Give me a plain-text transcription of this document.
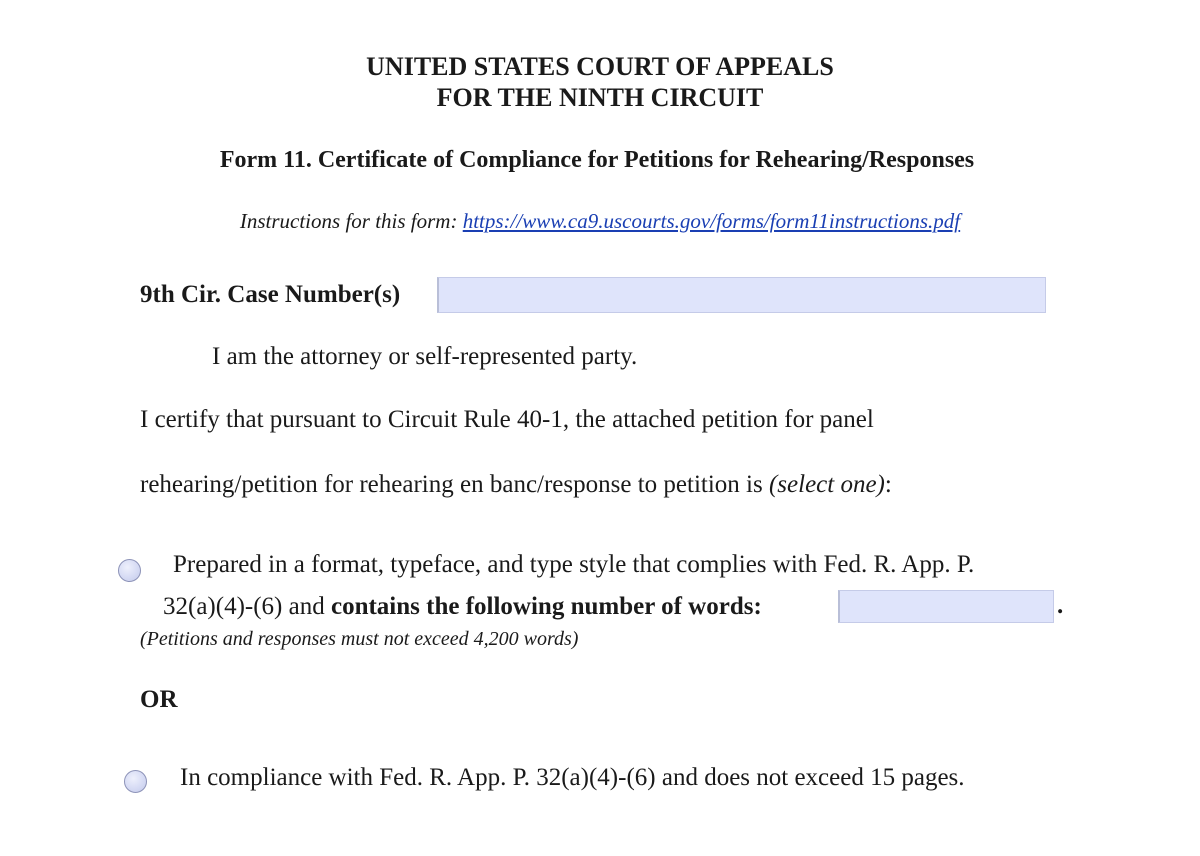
UNITED STATES COURT OF APPEALS
FOR THE NINTH CIRCUIT
Form 11. Certificate of Compliance for Petitions for Rehearing/Responses
Instructions for this form: https://www.ca9.uscourts.gov/forms/form11instructions.pdf
9th Cir. Case Number(s)
I am the attorney or self-represented party.
I certify that pursuant to Circuit Rule 40-1, the attached petition for panel
rehearing/petition for rehearing en banc/response to petition is (select one):
Prepared in a format, typeface, and type style that complies with Fed. R. App. P.
32(a)(4)-(6) and contains the following number of words:	.
(Petitions and responses must not exceed 4,200 words)
OR
In compliance with Fed. R. App. P. 32(a)(4)-(6) and does not exceed 15 pages.
